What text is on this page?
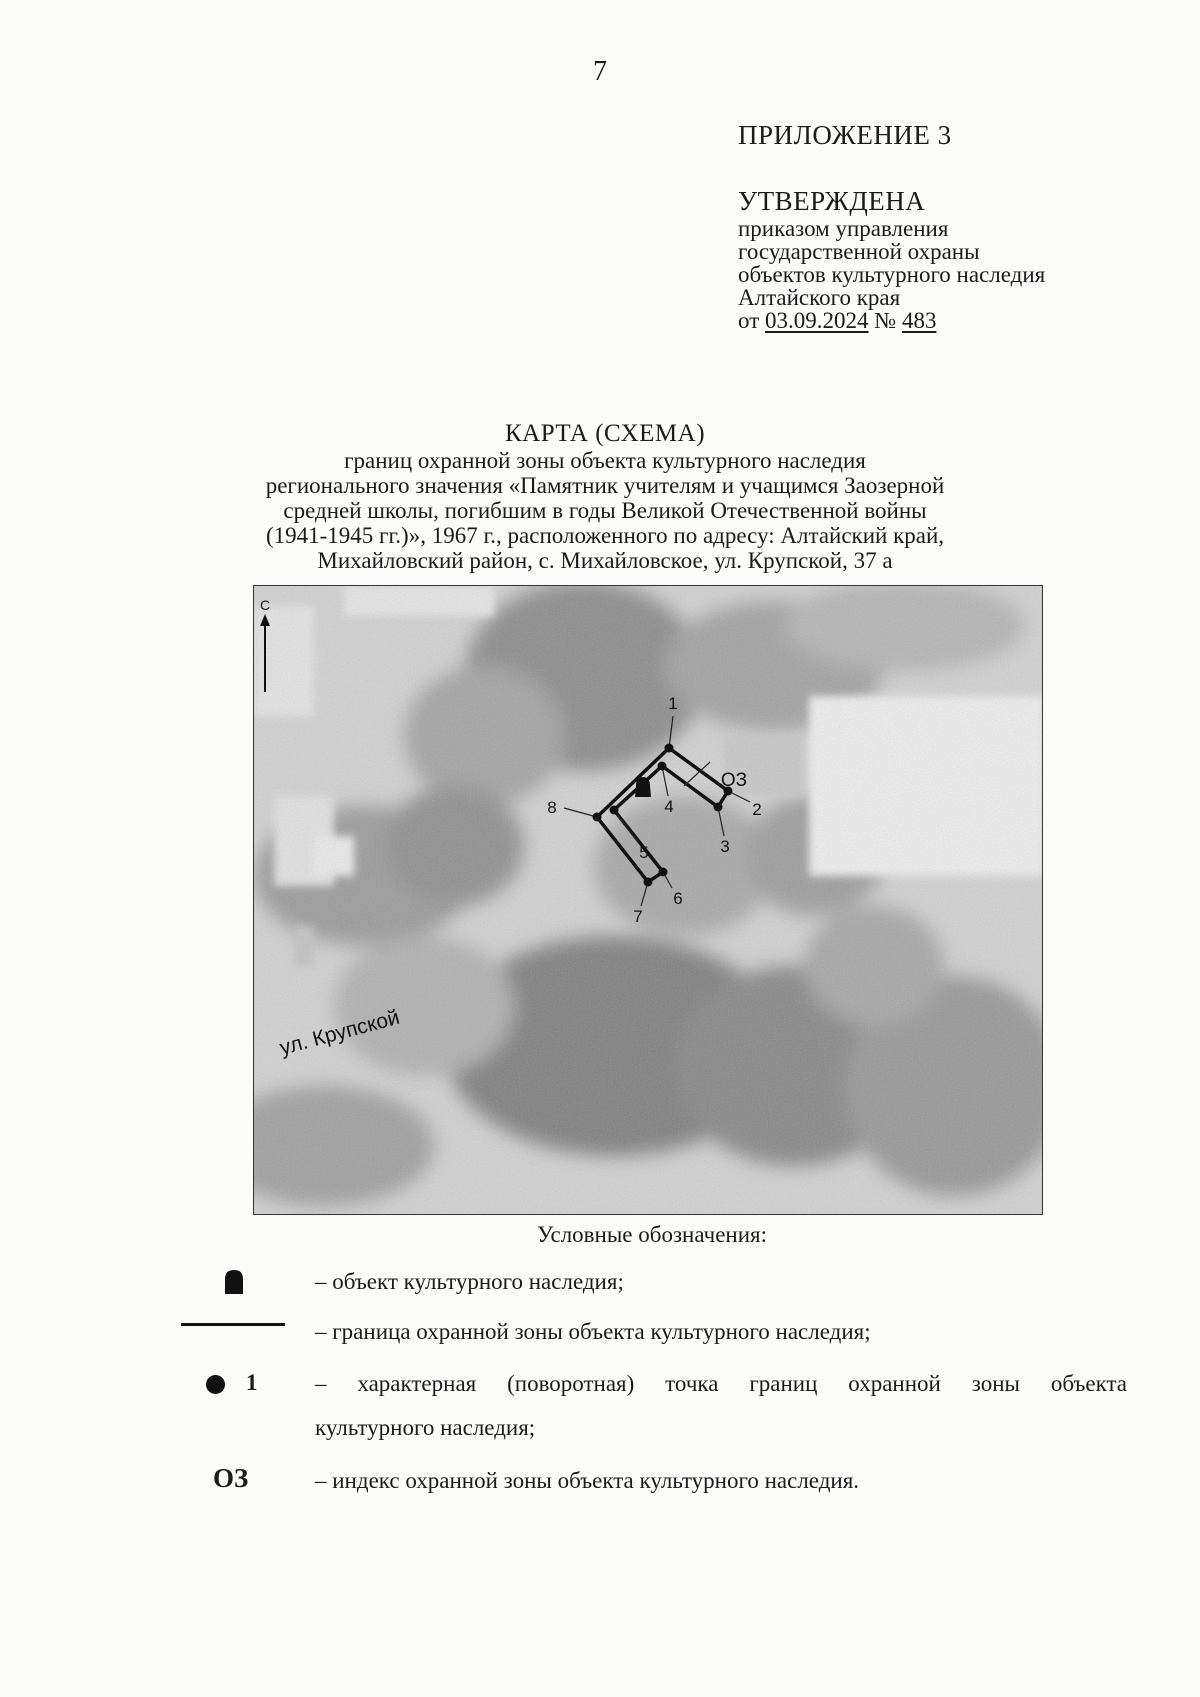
7
ПРИЛОЖЕНИЕ 3
УТВЕРЖДЕНА
приказом управления
государственной охраны
объектов культурного наследия
Алтайского края
от 03.09.2024 № 483
КАРТА (СХЕМА)
границ охранной зоны объекта культурного наследия
регионального значения «Памятник учителям и учащимся Заозерной
средней школы, погибшим в годы Великой Отечественной войны
(1941-1945 гг.)», 1967 г., расположенного по адресу: Алтайский край,
Михайловский район, с. Михайловское, ул. Крупской, 37 а
С
ул. Крупской
1
2
3
4
5
6
7
8
ОЗ
Условные обозначения:
– объект культурного наследия;
– граница охранной зоны объекта культурного наследия;
1	– характерная (поворотная) точка границ охранной зоны объекта
культурного наследия;
ОЗ	– индекс охранной зоны объекта культурного наследия.
